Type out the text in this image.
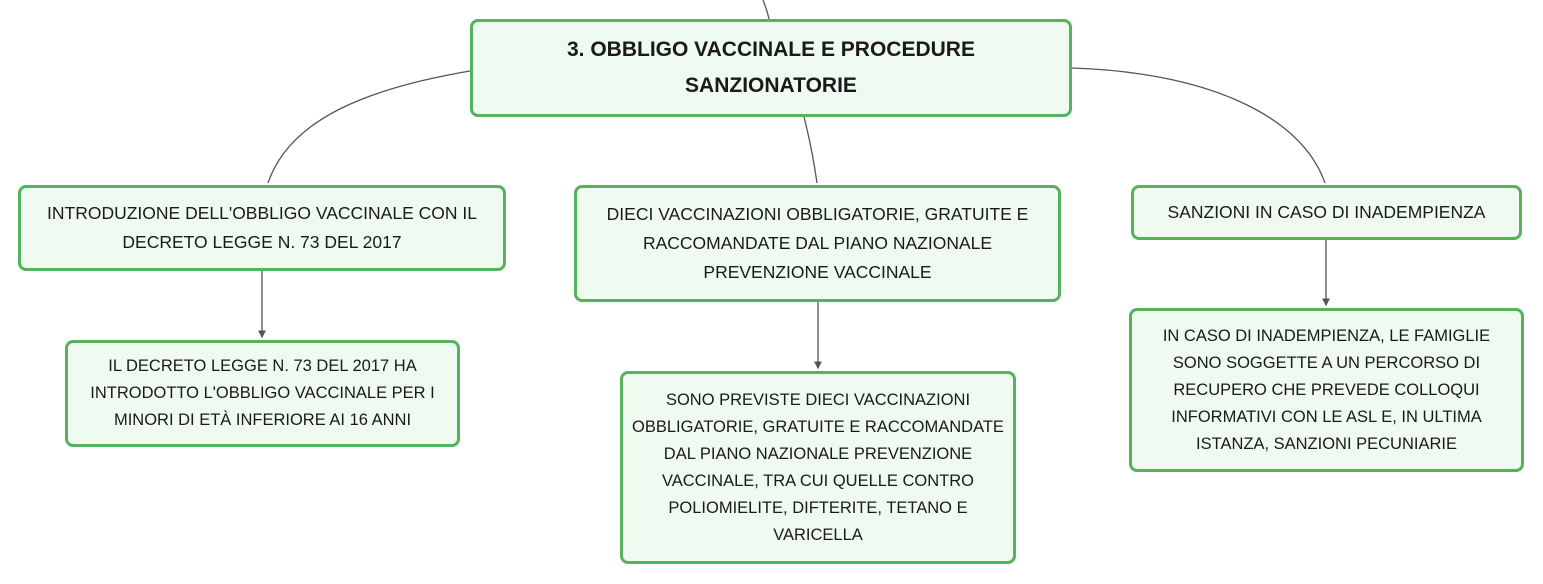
3. OBBLIGO VACCINALE E PROCEDURE SANZIONATORIE
INTRODUZIONE DELL'OBBLIGO VACCINALE CON IL DECRETO LEGGE N. 73 DEL 2017
DIECI VACCINAZIONI OBBLIGATORIE, GRATUITE E RACCOMANDATE DAL PIANO NAZIONALE PREVENZIONE VACCINALE
SANZIONI IN CASO DI INADEMPIENZA
IL DECRETO LEGGE N. 73 DEL 2017 HA INTRODOTTO L'OBBLIGO VACCINALE PER I MINORI DI ETÀ INFERIORE AI 16 ANNI
SONO PREVISTE DIECI VACCINAZIONI OBBLIGATORIE, GRATUITE E RACCOMANDATE DAL PIANO NAZIONALE PREVENZIONE VACCINALE, TRA CUI QUELLE CONTRO POLIOMIELITE, DIFTERITE, TETANO E VARICELLA
IN CASO DI INADEMPIENZA, LE FAMIGLIE SONO SOGGETTE A UN PERCORSO DI RECUPERO CHE PREVEDE COLLOQUI INFORMATIVI CON LE ASL E, IN ULTIMA ISTANZA, SANZIONI PECUNIARIE
